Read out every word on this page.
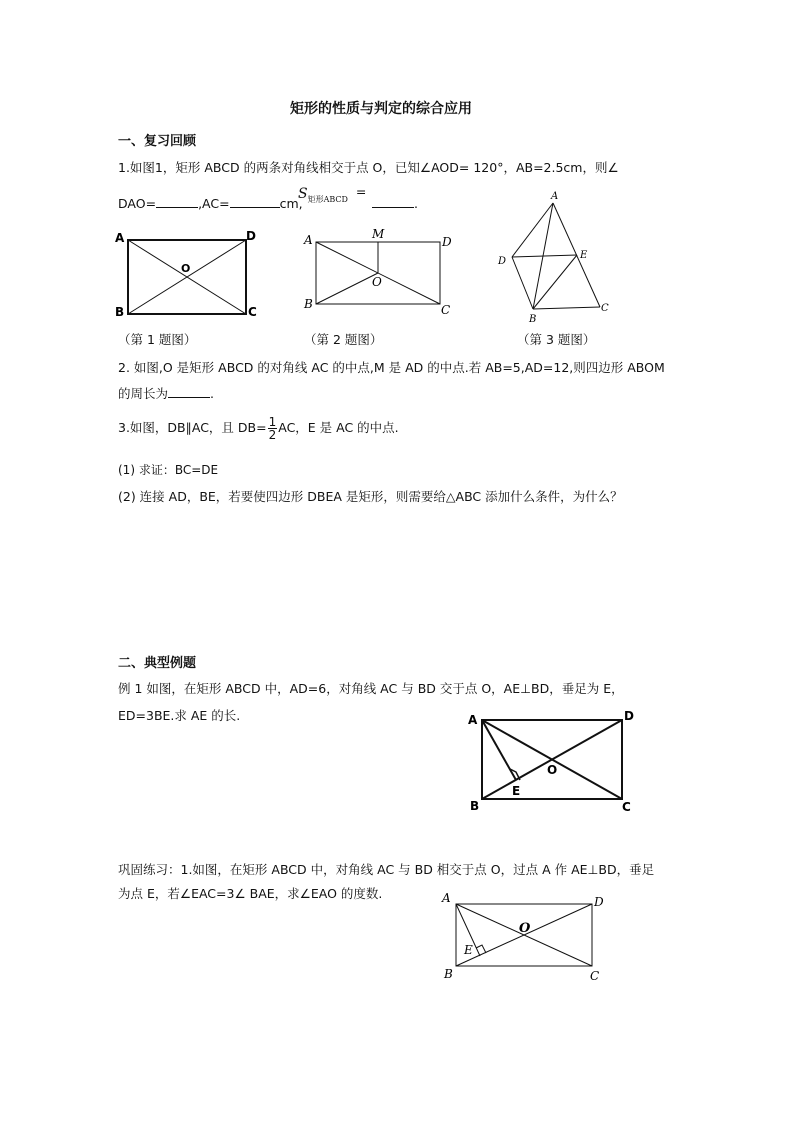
矩形的性质与判定的综合应用
一、复习回顾
1.如图1，矩形 ABCD 的两条对角线相交于点 O，已知∠AOD= 120°，AB=2.5cm，则∠
DAO=	,AC=	cm,
$S_{矩形ABCD}$ =
.
A
B	C
D
O
A
B	C
D
M
O
A
B
C
D
E
（第 1 题图）	（第 2 题图）	（第 3 题图）
2. 如图,O 是矩形 ABCD 的对角线 AC 的中点,M 是 AD 的中点.若 AB=5,AD=12,则四边形 ABOM
的周长为	.
3.如图，DB∥AC，且 $DB= \frac{1}{2}$ AC，E 是 AC 的中点.
(1) 求证：BC=DE
(2) 连接 AD，BE，若要使四边形 DBEA 是矩形，则需要给△ABC 添加什么条件，为什么？
二、典型例题
例 1 如图，在矩形 ABCD 中，AD=6，对角线 AC 与 BD 交于点 O，AE⊥BD，垂足为 E，
ED=3BE.求 AE 的长.	A
B	C
D
O
E
巩固练习：1.如图，在矩形 ABCD 中，对角线 AC 与 BD 相交于点 O，过点 A 作 AE⊥BD，垂足
为点 E，若∠EAC=3∠ BAE，求∠EAO 的度数.	A
B	C
D
O
E
